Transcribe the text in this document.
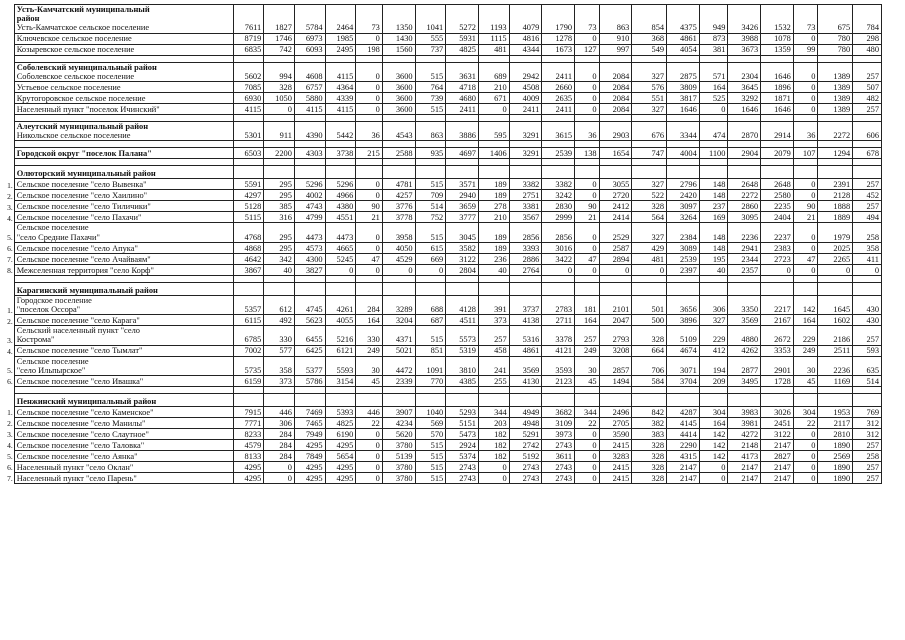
	Усть-Камчатский муниципальный
район
Усть-Камчатское сельское поселение	7611	1827	5784	2464	73	1350	1041	5272	1193	4079	1790	73	863	854	4375	949	3426	1532	73	675	784

	Ключевское сельское поселение	8719	1746	6973	1985	0	1430	555	5931	1115	4816	1278	0	910	368	4861	873	3988	1078	0	780	298

	Козыревское сельское поселение	6835	742	6093	2495	198	1560	737	4825	481	4344	1673	127	997	549	4054	381	3673	1359	99	780	480

	Соболевский муниципальный район
Соболевское сельское поселение	5602	994	4608	4115	0	3600	515	3631	689	2942	2411	0	2084	327	2875	571	2304	1646	0	1389	257

	Устьевое сельское поселение	7085	328	6757	4364	0	3600	764	4718	210	4508	2660	0	2084	576	3809	164	3645	1896	0	1389	507

	Крутогоровское сельское поселение	6930	1050	5880	4339	0	3600	739	4680	671	4009	2635	0	2084	551	3817	525	3292	1871	0	1389	482

	Населенный пункт "поселок Ичинский"	4115	0	4115	4115	0	3600	515	2411	0	2411	2411	0	2084	327	1646	0	1646	1646	0	1389	257

	Алеутский муниципальный район
Никольское сельское поселение	5301	911	4390	5442	36	4543	863	3886	595	3291	3615	36	2903	676	3344	474	2870	2914	36	2272	606

	Городской округ "поселок Палана"	6503	2200	4303	3738	215	2588	935	4697	1406	3291	2539	138	1654	747	4004	1100	2904	2079	107	1294	678

	Олюторский муниципальный район																					

1.	Сельское поселение "село Вывенка"	5591	295	5296	5296	0	4781	515	3571	189	3382	3382	0	3055	327	2796	148	2648	2648	0	2391	257
2.	Сельское поселение "село Хаилино"	4297	295	4002	4966	0	4257	709	2940	189	2751	3242	0	2720	522	2420	148	2272	2580	0	2128	452
3.	Сельское поселение "село Тиличики"	5128	385	4743	4380	90	3776	514	3659	278	3381	2830	90	2412	328	3097	237	2860	2235	90	1888	257
4.	Сельское поселение "село Пахачи"	5115	316	4799	4551	21	3778	752	3777	210	3567	2999	21	2414	564	3264	169	3095	2404	21	1889	494
5.	Сельское поселение
"село Средние Пахачи"	4768	295	4473	4473	0	3958	515	3045	189	2856	2856	0	2529	327	2384	148	2236	2237	0	1979	258
6.	Сельское поселение "село Апука"	4868	295	4573	4665	0	4050	615	3582	189	3393	3016	0	2587	429	3089	148	2941	2383	0	2025	358
7.	Сельское поселение "село Ачайваям"	4642	342	4300	5245	47	4529	669	3122	236	2886	3422	47	2894	481	2539	195	2344	2723	47	2265	411
8.	Межселенная территория "село Корф"	3867	40	3827	0	0	0	0	2804	40	2764	0	0	0	0	2397	40	2357	0	0	0	0

	Карагинский муниципальный район																					

1.	Городское поселение
"поселок Оссора"	5357	612	4745	4261	284	3289	688	4128	391	3737	2783	181	2101	501	3656	306	3350	2217	142	1645	430
2.	Сельское поселение "село Карага"	6115	492	5623	4055	164	3204	687	4511	373	4138	2711	164	2047	500	3896	327	3569	2167	164	1602	430
3.	Сельский населенный пункт "село
Кострома"	6785	330	6455	5216	330	4371	515	5573	257	5316	3378	257	2793	328	5109	229	4880	2672	229	2186	257
4.	Сельское поселение "село Тымлат"	7002	577	6425	6121	249	5021	851	5319	458	4861	4121	249	3208	664	4674	412	4262	3353	249	2511	593
5.	Сельское поселение
"село Ильпырское"	5735	358	5377	5593	30	4472	1091	3810	241	3569	3593	30	2857	706	3071	194	2877	2901	30	2236	635
6.	Сельское поселение "село Ивашка"	6159	373	5786	3154	45	2339	770	4385	255	4130	2123	45	1494	584	3704	209	3495	1728	45	1169	514

	Пенжинский муниципальный район																					

1.	Сельское поселение "село Каменское"	7915	446	7469	5393	446	3907	1040	5293	344	4949	3682	344	2496	842	4287	304	3983	3026	304	1953	769
2.	Сельское поселение "село Манилы"	7771	306	7465	4825	22	4234	569	5151	203	4948	3109	22	2705	382	4145	164	3981	2451	22	2117	312
3.	Сельское поселение "село Слаутное"	8233	284	7949	6190	0	5620	570	5473	182	5291	3973	0	3590	383	4414	142	4272	3122	0	2810	312
4.	Сельское поселение "село Таловка"	4579	284	4295	4295	0	3780	515	2924	182	2742	2743	0	2415	328	2290	142	2148	2147	0	1890	257
5.	Сельское поселение "село Аянка"	8133	284	7849	5654	0	5139	515	5374	182	5192	3611	0	3283	328	4315	142	4173	2827	0	2569	258
6.	Населенный пункт "село Оклан"	4295	0	4295	4295	0	3780	515	2743	0	2743	2743	0	2415	328	2147	0	2147	2147	0	1890	257
7.	Населенный пункт "село Парень"	4295	0	4295	4295	0	3780	515	2743	0	2743	2743	0	2415	328	2147	0	2147	2147	0	1890	257
